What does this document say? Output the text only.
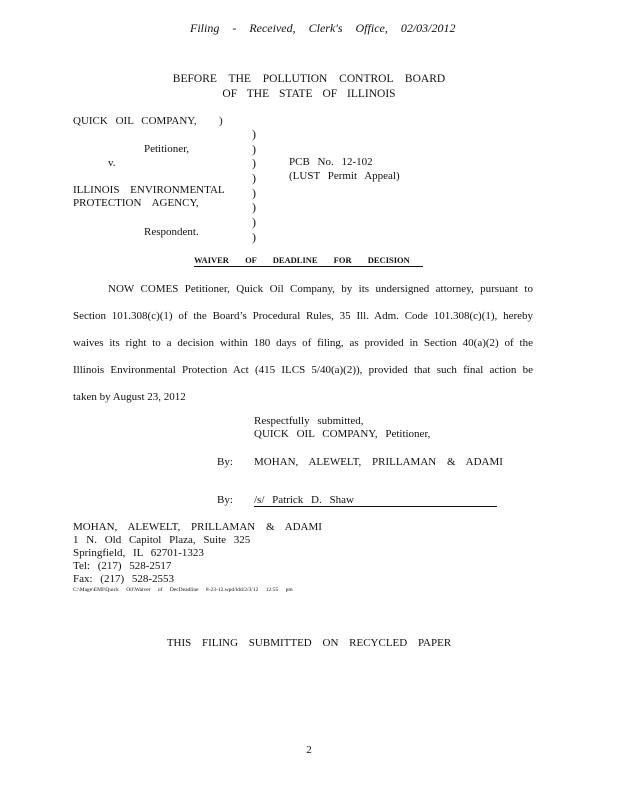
Filing - Received, Clerk's Office, 02/03/2012
BEFORE THE POLLUTION CONTROL BOARD
OF THE STATE OF ILLINOIS
QUICK OIL COMPANY, )
)
)
)
)
)
)
)
)
Petitioner,
v.	PCB No. 12-102
(LUST Permit Appeal)
ILLINOIS ENVIRONMENTAL
PROTECTION AGENCY,
Respondent.
WAIVER OF DEADLINE FOR DECISION

NOW COMES Petitioner, Quick Oil Company, by its undersigned attorney, pursuant to

Section 101.308(c)(1) of the Board’s Procedural Rules, 35 Ill. Adm. Code 101.308(c)(1), hereby

waives its right to a decision within 180 days of filing, as provided in Section 40(a)(2) of the

Illinois Environmental Protection Act (415 ILCS 5/40(a)(2)), provided that such final action be

taken by August 23, 2012

Respectfully submitted,
QUICK OIL COMPANY, Petitioner,
By: MOHAN, ALEWELT, PRILLAMAN & ADAMI
By: /s/ Patrick D. Shaw
MOHAN, ALEWELT, PRILLAMAN & ADAMI
1 N. Old Capitol Plaza, Suite 325
Springfield, IL 62701-1323
Tel: (217) 528-2517
Fax: (217) 528-2553
C:\Mage\EMI\Quick Oil\Waiver of DecDeadline 8-23-12.wpd/ldd/2/3/12 12:55 pm
THIS FILING SUBMITTED ON RECYCLED PAPER
2
